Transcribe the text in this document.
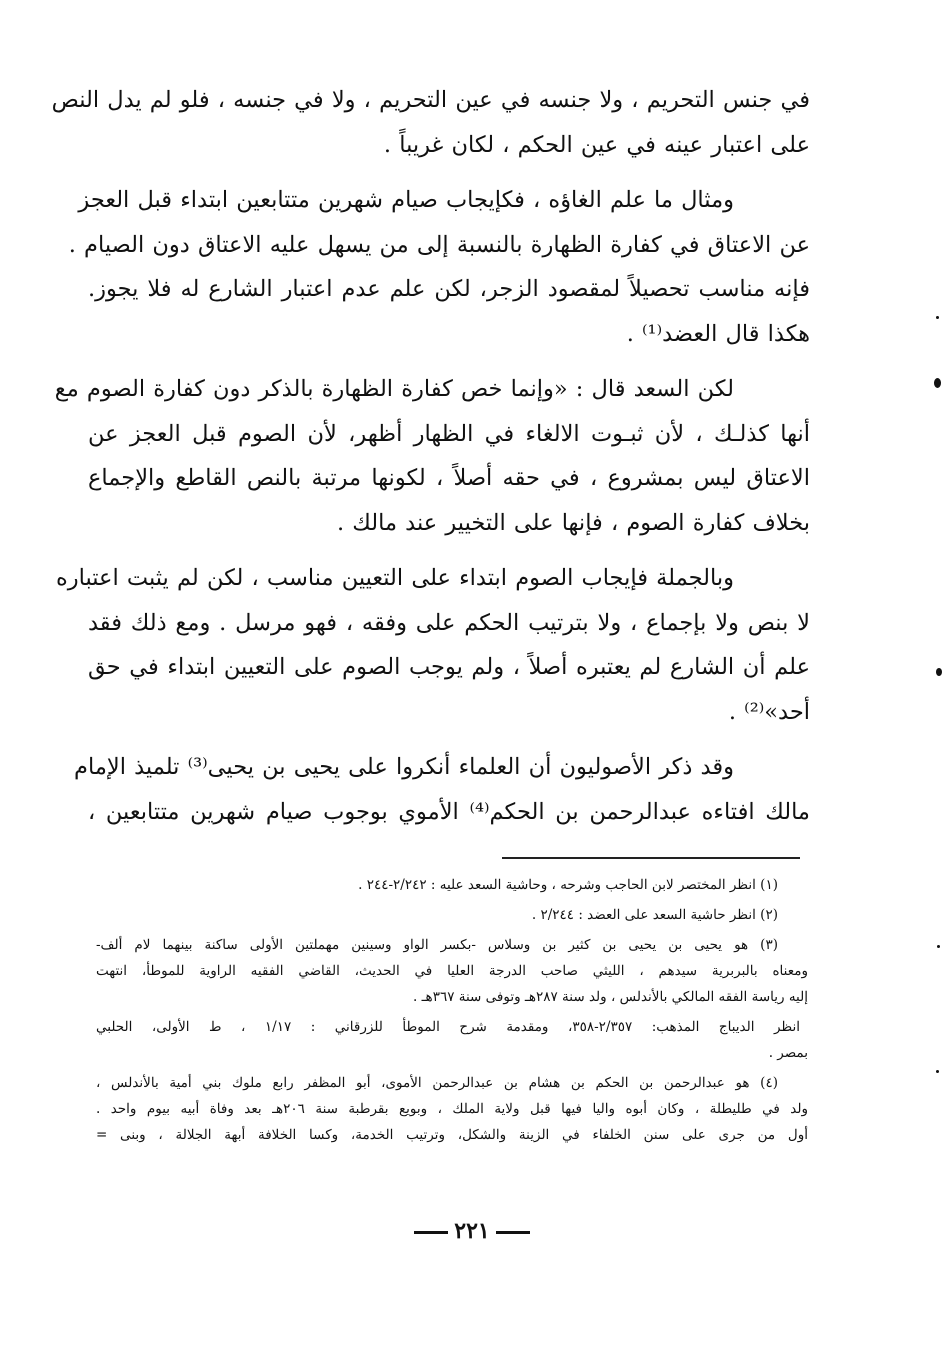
في جنس التحريم ، ولا جنسه في عين التحريم ، ولا في جنسه ، فلو لم يدل النص
على اعتبار عينه في عين الحكم ، لكان غريباً .

ومثال ما علم الغاؤه ، فكإيجاب صيام شهرين متتابعين ابتداء قبل العجز
عن الاعتاق في كفارة الظهارة بالنسبة إلى من يسهل عليه الاعتاق دون الصيام .
فإنه مناسب تحصيلاً لمقصود الزجر، لكن علم عدم اعتبار الشارع له فلا يجوز.
هكذا قال العضد⁽¹⁾ .

لكن السعد قال : «وإنما خص كفارة الظهارة بالذكر دون كفارة الصوم مع
أنها كذلـك ، لأن ثبـوت الالغاء في الظهار أظهر، لأن الصوم قبل العجز عن
الاعتاق ليس بمشروع ، في حقه أصلاً ، لكونها مرتبة بالنص القاطع والإجماع
بخلاف كفارة الصوم ، فإنها على التخيير عند مالك .

وبالجملة فإيجاب الصوم ابتداء على التعيين مناسب ، لكن لم يثبت اعتباره
لا بنص ولا بإجماع ، ولا بترتيب الحكم على وفقه ، فهو مرسل . ومع ذلك فقد
علم أن الشارع لم يعتبره أصلاً ، ولم يوجب الصوم على التعيين ابتداء في حق
أحد»⁽²⁾ .

وقد ذكر الأصوليون أن العلماء أنكروا على يحيى بن يحيى⁽³⁾ تلميذ الإمام
مالك افتاءه عبدالرحمن بن الحكم⁽⁴⁾ الأموي بوجوب صيام شهرين متتابعين ،

(١) انظر المختصر لابن الحاجب وشرحه ، وحاشية السعد عليه : ٢/٢٤٢-٢٤٤ .

(٢) انظر حاشية السعد على العضد : ٢/٢٤٤ .

(٣) هو يحيى بن يحيى بن كثير بن وسلاس -بكسر الواو وسينين مهملتين الأولى ساكنة بينهما لام ألف-
ومعناه بالبربرية سيدهم ، الليثي صاحب الدرجة العليا في الحديث، القاضي الفقيه الراوية للموطأ، انتهت
إليه رياسة الفقه المالكي بالأندلس ، ولد سنة ٢٨٧هـ وتوفى سنة ٣٦٧هـ .

انظر الديباج المذهب: ٢/٣٥٧-٣٥٨، ومقدمة شرح الموطأ للزرقاني : ١/١٧ ، ط الأولى، الحلبي
بمصر .

(٤) هو عبدالرحمن بن الحكم بن هشام بن عبدالرحمن الأموى، أبو المظفر رابع ملوك بني أمية بالأندلس ،
ولد في طليطلة ، وكان أبوه واليا فيها قبل ولاية الملك ، وبويع بقرطبة سنة ٢٠٦هـ بعد وفاة أبيه بيوم واحد .
أول من جرى على سنن الخلفاء في الزينة والشكل، وترتيب الخدمة، وكسا الخلافة أبهة الجلالة ، وبنى =

٢٢١
